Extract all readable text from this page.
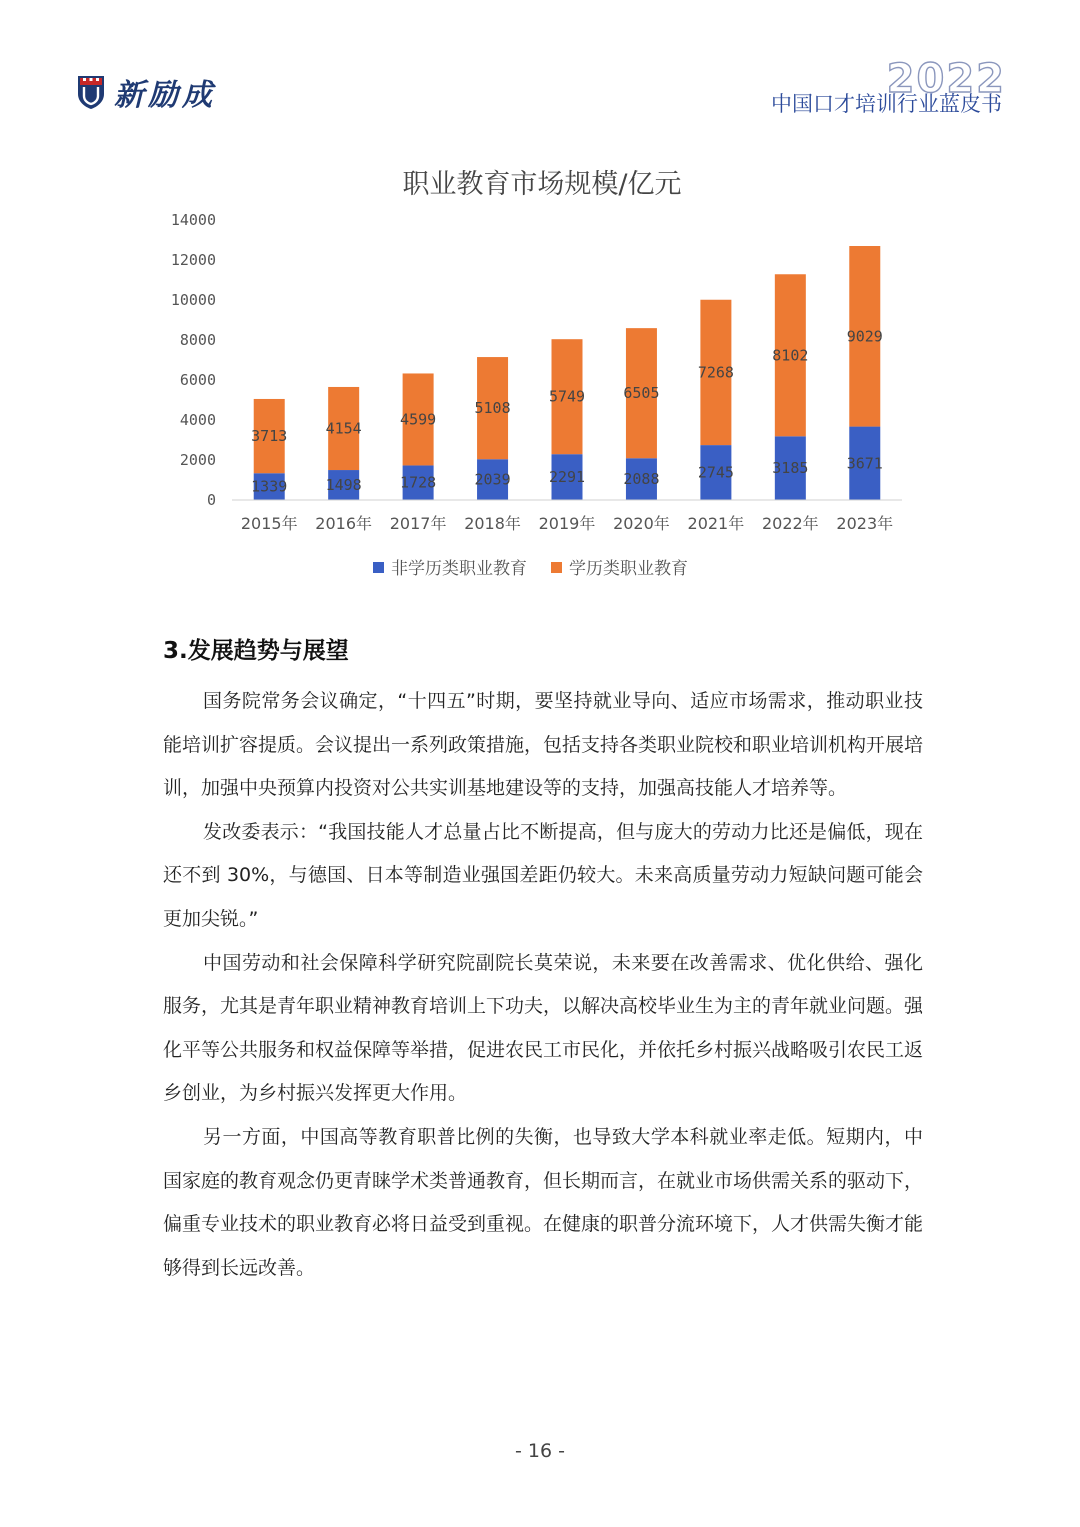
新励成	2022
中国口才培训行业蓝皮书
职业教育市场规模/亿元
0
2000
4000
6000
8000
10000
12000
14000
1339
3713
1498
4154
1728
4599
2039
5108
2291
5749
2088
6505
2745
7268
3185
8102
3671
9029
2015年 2016年 2017年 2018年 2019年 2020年 2021年 2022年 2023年
非学历类职业教育 学历类职业教育
3.发展趋势与展望

国务院常务会议确定，“十四五”时期，要坚持就业导向、适应市场需求，推动职业技能培训扩容提质。会议提出一系列政策措施，包括支持各类职业院校和职业培训机构开展培训，加强中央预算内投资对公共实训基地建设等的支持，加强高技能人才培养等。

发改委表示：“我国技能人才总量占比不断提高，但与庞大的劳动力比还是偏低，现在还不到 30%，与德国、日本等制造业强国差距仍较大。未来高质量劳动力短缺问题可能会更加尖锐。”

中国劳动和社会保障科学研究院副院长莫荣说，未来要在改善需求、优化供给、强化服务，尤其是青年职业精神教育培训上下功夫，以解决高校毕业生为主的青年就业问题。强化平等公共服务和权益保障等举措，促进农民工市民化，并依托乡村振兴战略吸引农民工返乡创业，为乡村振兴发挥更大作用。

另一方面，中国高等教育职普比例的失衡，也导致大学本科就业率走低。短期内，中国家庭的教育观念仍更青睐学术类普通教育，但长期而言，在就业市场供需关系的驱动下，偏重专业技术的职业教育必将日益受到重视。在健康的职普分流环境下，人才供需失衡才能够得到长远改善。

- 16 -
